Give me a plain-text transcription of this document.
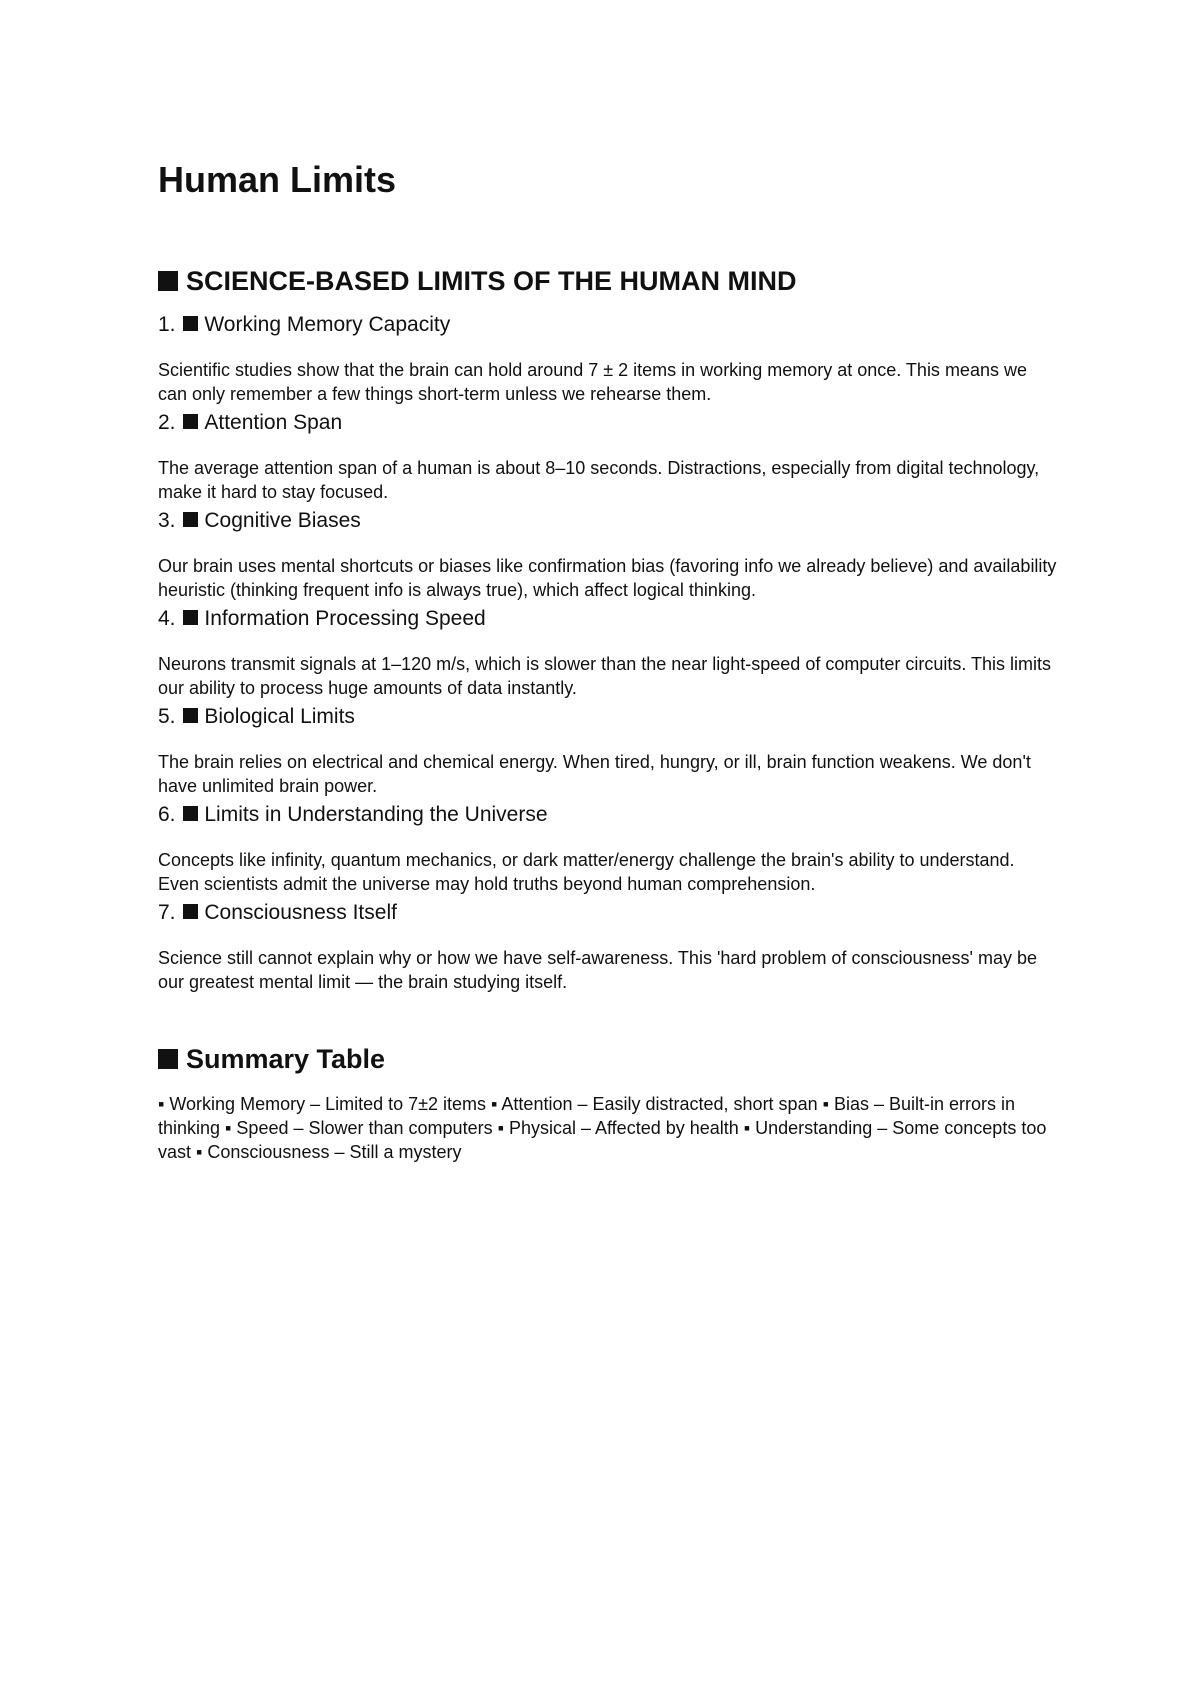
Human Limits
SCIENCE-BASED LIMITS OF THE HUMAN MIND
1. Working Memory Capacity

Scientific studies show that the brain can hold around 7 ± 2 items in working memory at once. This means we can only remember a few things short-term unless we rehearse them.

2. Attention Span

The average attention span of a human is about 8–10 seconds. Distractions, especially from digital technology, make it hard to stay focused.

3. Cognitive Biases

Our brain uses mental shortcuts or biases like confirmation bias (favoring info we already believe) and availability heuristic (thinking frequent info is always true), which affect logical thinking.

4. Information Processing Speed

Neurons transmit signals at 1–120 m/s, which is slower than the near light-speed of computer circuits. This limits our ability to process huge amounts of data instantly.

5. Biological Limits

The brain relies on electrical and chemical energy. When tired, hungry, or ill, brain function weakens. We don't have unlimited brain power.

6. Limits in Understanding the Universe

Concepts like infinity, quantum mechanics, or dark matter/energy challenge the brain's ability to understand. Even scientists admit the universe may hold truths beyond human comprehension.

7. Consciousness Itself

Science still cannot explain why or how we have self-awareness. This 'hard problem of consciousness' may be our greatest mental limit — the brain studying itself.

Summary Table

▪ Working Memory – Limited to 7±2 items ▪ Attention – Easily distracted, short span ▪ Bias – Built-in errors in thinking ▪ Speed – Slower than computers ▪ Physical – Affected by health ▪ Understanding – Some concepts too vast ▪ Consciousness – Still a mystery
